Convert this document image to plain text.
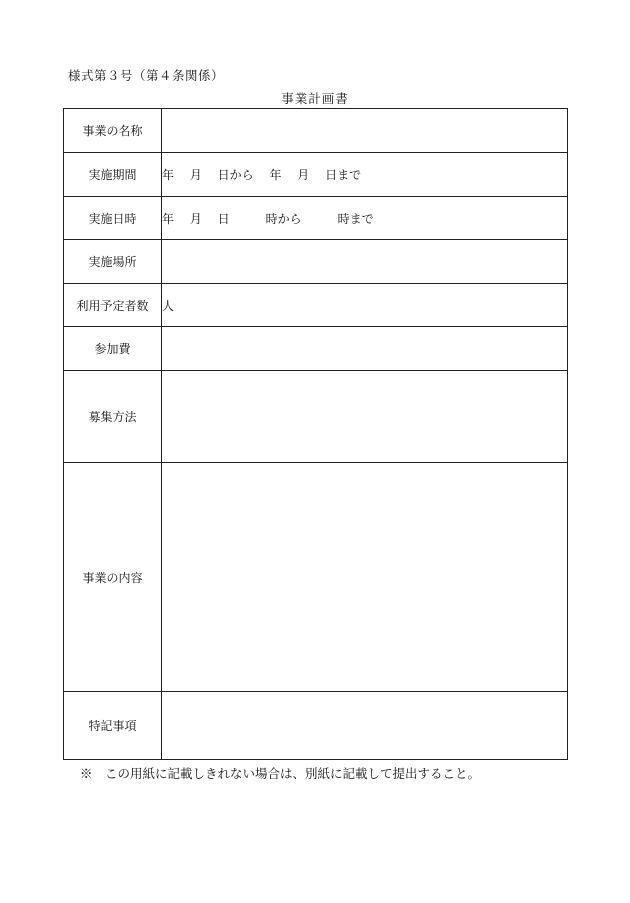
様式第３号（第４条関係）
事業計画書
事業の名称	
実施期間	年　 月　 日から　 年　 月　 日まで
実施日時	年　 月　 日　　　時から　　　時まで
実施場所	
利用予定者数	人
参加費	
募集方法	
事業の内容	
特記事項	
※　この用紙に記載しきれない場合は、別紙に記載して提出すること。
